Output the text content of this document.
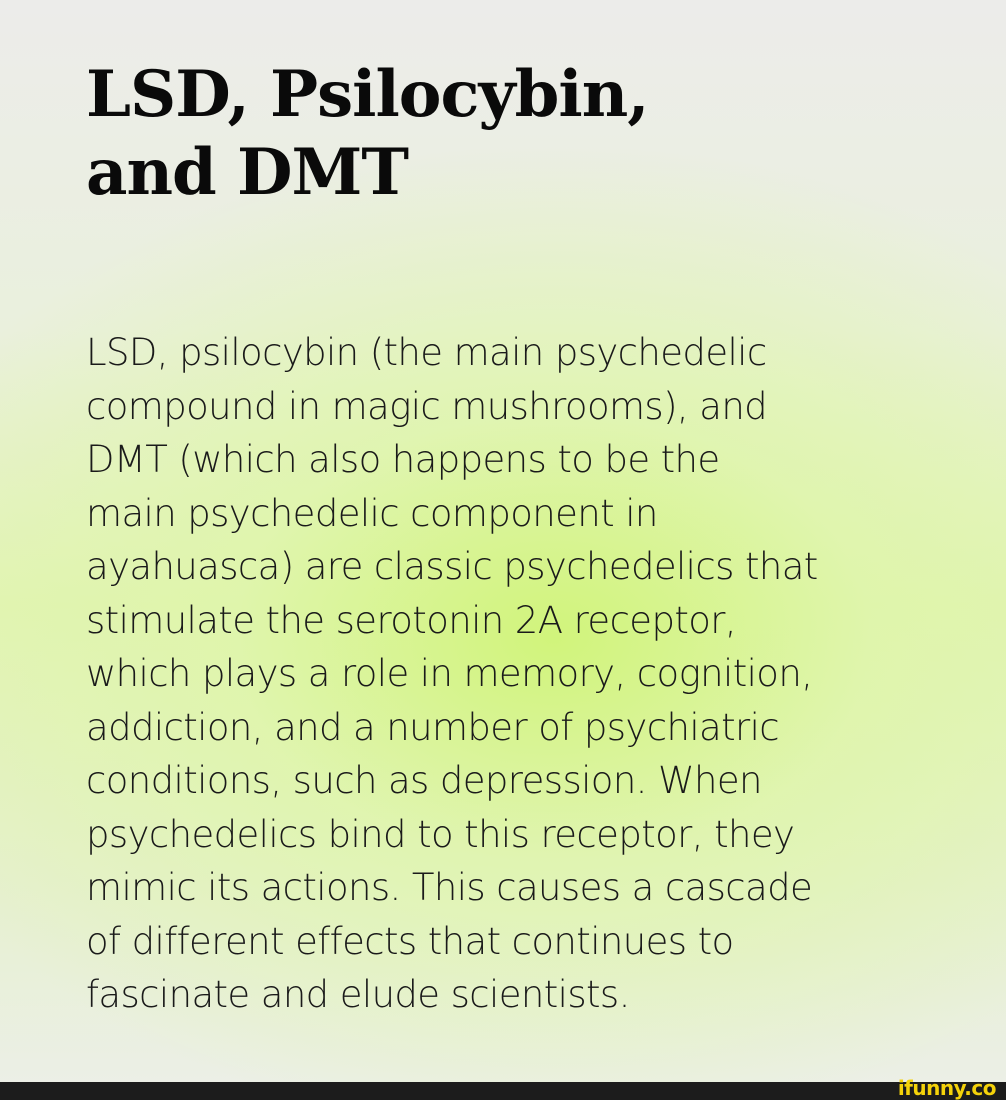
LSD, Psilocybin,
and DMT

LSD, psilocybin (the main psychedelic
compound in magic mushrooms), and
DMT (which also happens to be the
main psychedelic component in
ayahuasca) are classic psychedelics that
stimulate the serotonin 2A receptor,
which plays a role in memory, cognition,
addiction, and a number of psychiatric
conditions, such as depression. When
psychedelics bind to this receptor, they
mimic its actions. This causes a cascade
of different effects that continues to
fascinate and elude scientists.

ifunny.co
